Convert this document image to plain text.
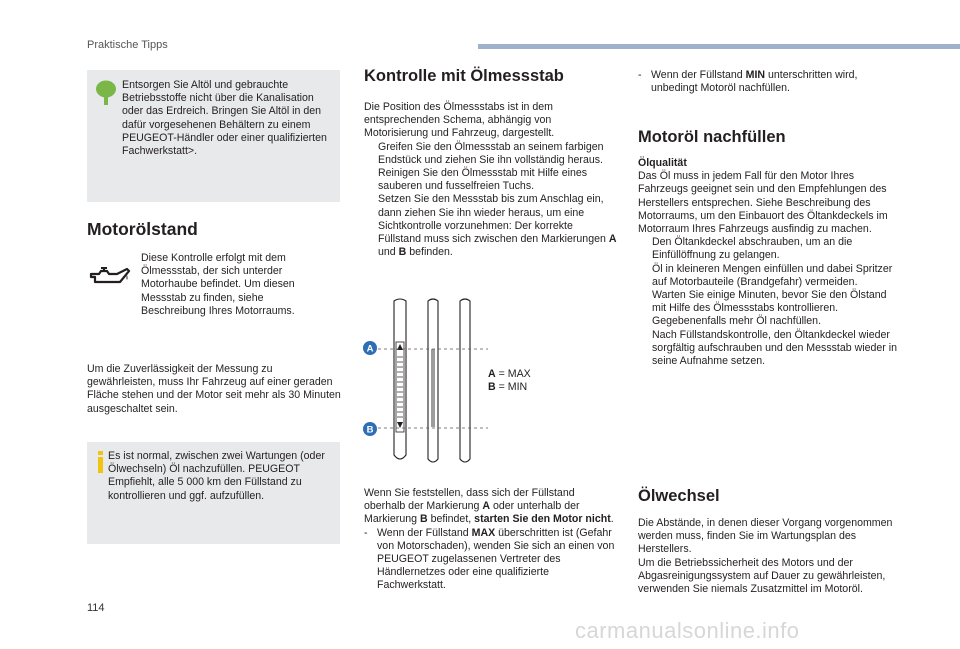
Praktische Tipps
Entsorgen Sie Altöl und gebrauchte Betriebsstoffe nicht über die Kanalisation oder das Erdreich. Bringen Sie Altöl in den dafür vorgesehenen Behältern zu einem PEUGEOT-Händler oder einer qualifizierten Fachwerkstatt>.
Motorölstand
Diese Kontrolle erfolgt mit dem Ölmessstab, der sich unterder Motorhaube befindet. Um diesen Messstab zu finden, siehe Beschreibung Ihres Motorraums.
Um die Zuverlässigkeit der Messung zu gewährleisten, muss Ihr Fahrzeug auf einer geraden Fläche stehen und der Motor seit mehr als 30 Minuten ausgeschaltet sein.
Es ist normal, zwischen zwei Wartungen (oder Ölwechseln) Öl nachzufüllen. PEUGEOT Empfiehlt, alle 5 000 km den Füllstand zu kontrollieren und ggf. aufzufüllen.
Kontrolle mit Ölmessstab

Die Position des Ölmessstabs ist in dem entsprechenden Schema, abhängig von Motorisierung und Fahrzeug, dargestellt.

Greifen Sie den Ölmessstab an seinem farbigen Endstück und ziehen Sie ihn vollständig heraus.

Reinigen Sie den Ölmessstab mit Hilfe eines sauberen und fusselfreien Tuchs.

Setzen Sie den Messstab bis zum Anschlag ein, dann ziehen Sie ihn wieder heraus, um eine Sichtkontrolle vorzunehmen: Der korrekte Füllstand muss sich zwischen den Markierungen A und B befinden.

A
B

A = MAX

B = MIN

Wenn Sie feststellen, dass sich der Füllstand oberhalb der Markierung A oder unterhalb der Markierung B befindet, starten Sie den Motor nicht.

- Wenn der Füllstand MAX überschritten ist (Gefahr von Motorschaden), wenden Sie sich an einen von PEUGEOT zugelassenen Vertreter des Händlernetzes oder eine qualifizierte Fachwerkstatt.

- Wenn der Füllstand MIN unterschritten wird, unbedingt Motoröl nachfüllen.

Motoröl nachfüllen

Ölqualität

Das Öl muss in jedem Fall für den Motor Ihres Fahrzeugs geeignet sein und den Empfehlungen des Herstellers entsprechen. Siehe Beschreibung des Motorraums, um den Einbauort des Öltankdeckels im Motorraum Ihres Fahrzeugs ausfindig zu machen.

Den Öltankdeckel abschrauben, um an die Einfüllöffnung zu gelangen.

Öl in kleineren Mengen einfüllen und dabei Spritzer auf Motorbauteile (Brandgefahr) vermeiden.

Warten Sie einige Minuten, bevor Sie den Ölstand mit Hilfe des Ölmessstabs kontrollieren.

Gegebenenfalls mehr Öl nachfüllen.

Nach Füllstandskontrolle, den Öltankdeckel wieder sorgfältig aufschrauben und den Messstab wieder in seine Aufnahme setzen.

Ölwechsel

Die Abstände, in denen dieser Vorgang vorgenommen werden muss, finden Sie im Wartungsplan des Herstellers.

Um die Betriebssicherheit des Motors und der Abgasreinigungssystem auf Dauer zu gewährleisten, verwenden Sie niemals Zusatzmittel im Motoröl.

114
carmanualsonline.info
